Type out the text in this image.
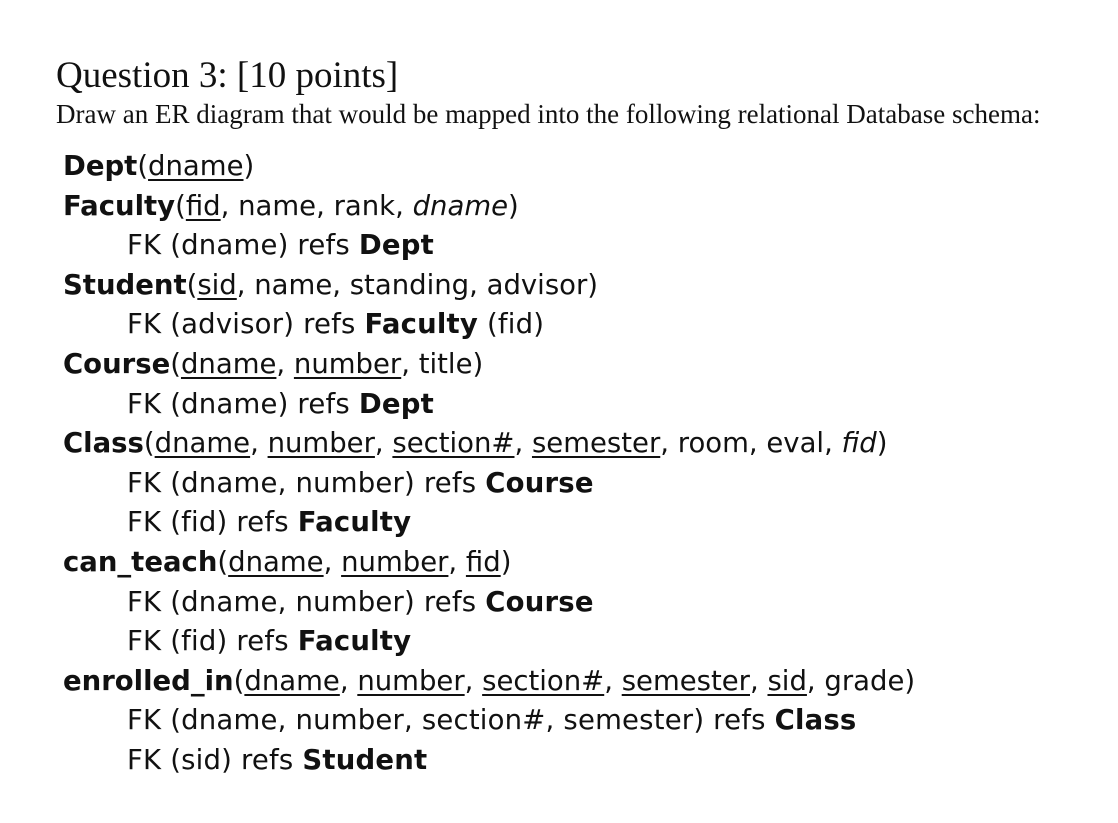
Question 3: [10 points]
Draw an ER diagram that would be mapped into the following relational Database schema:
Dept(dname)
Faculty(fid, name, rank, dname)
FK (dname) refs Dept
Student(sid, name, standing, advisor)
FK (advisor) refs Faculty (fid)
Course(dname, number, title)
FK (dname) refs Dept
Class(dname, number, section#, semester, room, eval, fid)
FK (dname, number) refs Course
FK (fid) refs Faculty
can_teach(dname, number, fid)
FK (dname, number) refs Course
FK (fid) refs Faculty
enrolled_in(dname, number, section#, semester, sid, grade)
FK (dname, number, section#, semester) refs Class
FK (sid) refs Student
